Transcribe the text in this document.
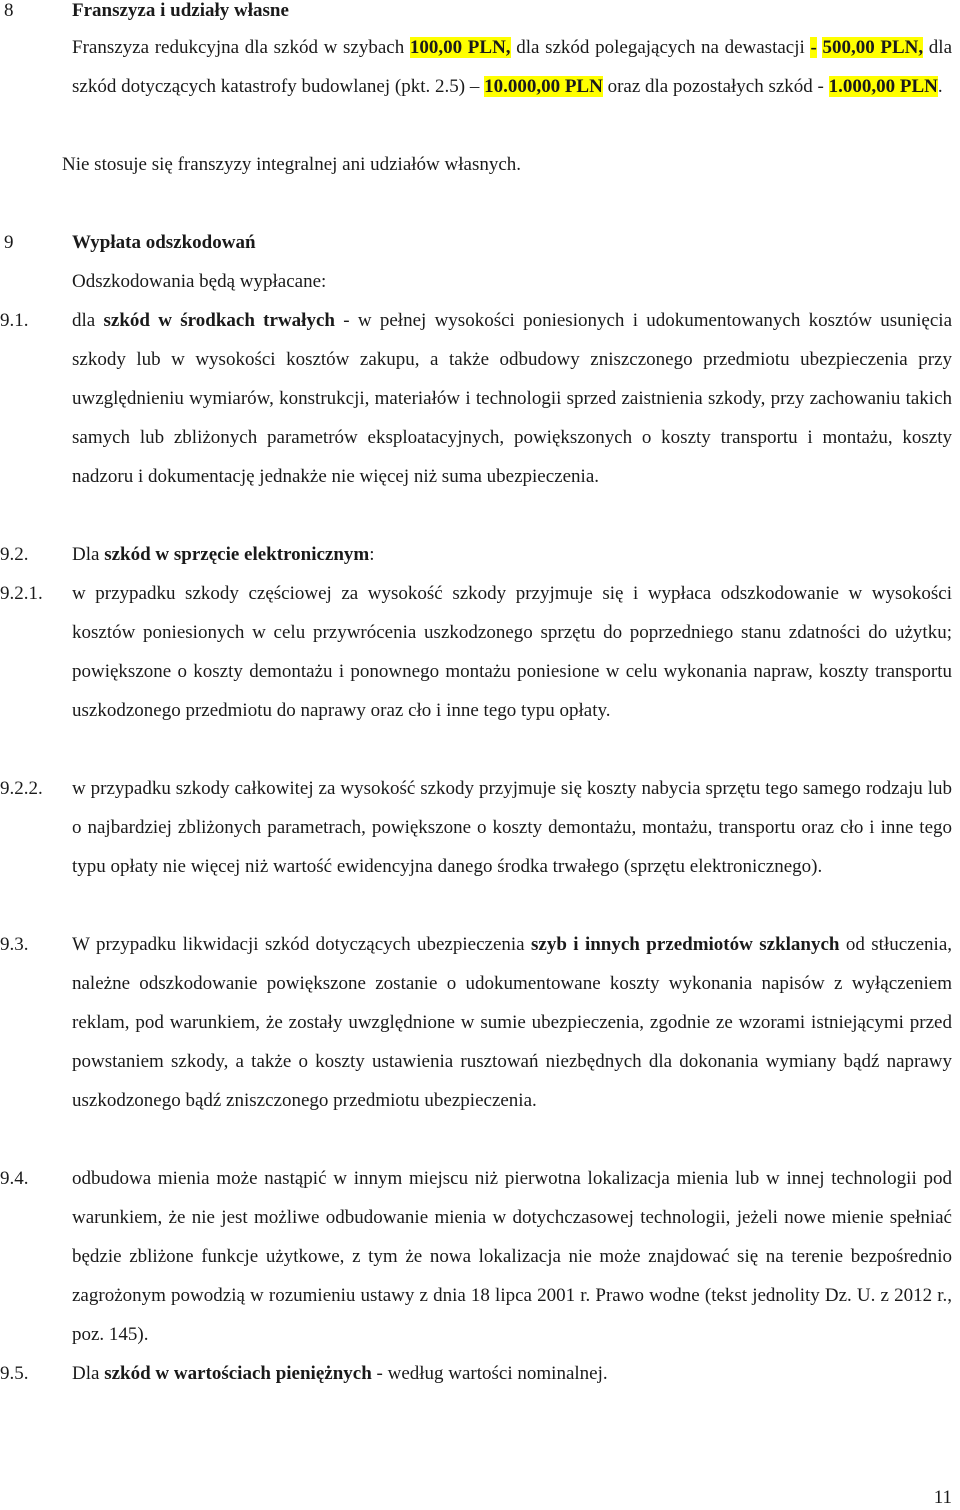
8	Franszyza i udziały własne
Franszyza redukcyjna dla szkód w szybach 100,00 PLN, dla szkód polegających na dewastacji - 500,00 PLN, dla szkód dotyczących katastrofy budowlanej (pkt. 2.5) – 10.000,00 PLN oraz dla pozostałych szkód - 1.000,00 PLN.
Nie stosuje się franszyzy integralnej ani udziałów własnych.
9	Wypłata odszkodowań
Odszkodowania będą wypłacane:
9.1. dla szkód w środkach trwałych - w pełnej wysokości poniesionych i udokumentowanych kosztów usunięcia szkody lub w wysokości kosztów zakupu, a także odbudowy zniszczonego przedmiotu ubezpieczenia przy uwzględnieniu wymiarów, konstrukcji, materiałów i technologii sprzed zaistnienia szkody, przy zachowaniu takich samych lub zbliżonych parametrów eksploatacyjnych, powiększonych o koszty transportu i montażu, koszty nadzoru i dokumentację jednakże nie więcej niż suma ubezpieczenia.
9.2. Dla szkód w sprzęcie elektronicznym:
9.2.1. w przypadku szkody częściowej za wysokość szkody przyjmuje się i wypłaca odszkodowanie w wysokości kosztów poniesionych w celu przywrócenia uszkodzonego sprzętu do poprzedniego stanu zdatności do użytku; powiększone o koszty demontażu i ponownego montażu poniesione w celu wykonania napraw, koszty transportu uszkodzonego przedmiotu do naprawy oraz cło i inne tego typu opłaty.
9.2.2. w przypadku szkody całkowitej za wysokość szkody przyjmuje się koszty nabycia sprzętu tego samego rodzaju lub o najbardziej zbliżonych parametrach, powiększone o koszty demontażu, montażu, transportu oraz cło i inne tego typu opłaty nie więcej niż wartość ewidencyjna danego środka trwałego (sprzętu elektronicznego).
9.3. W przypadku likwidacji szkód dotyczących ubezpieczenia szyb i innych przedmiotów szklanych od stłuczenia, należne odszkodowanie powiększone zostanie o udokumentowane koszty wykonania napisów z wyłączeniem reklam, pod warunkiem, że zostały uwzględnione w sumie ubezpieczenia, zgodnie ze wzorami istniejącymi przed powstaniem szkody, a także o koszty ustawienia rusztowań niezbędnych dla dokonania wymiany bądź naprawy uszkodzonego bądź zniszczonego przedmiotu ubezpieczenia.
9.4. odbudowa mienia może nastąpić w innym miejscu niż pierwotna lokalizacja mienia lub w innej technologii pod warunkiem, że nie jest możliwe odbudowanie mienia w dotychczasowej technologii, jeżeli nowe mienie spełniać będzie zbliżone funkcje użytkowe, z tym że nowa lokalizacja nie może znajdować się na terenie bezpośrednio zagrożonym powodzią w rozumieniu ustawy z dnia 18 lipca 2001 r. Prawo wodne (tekst jednolity Dz. U. z 2012 r., poz. 145).
9.5. Dla szkód w wartościach pieniężnych - według wartości nominalnej.
11
